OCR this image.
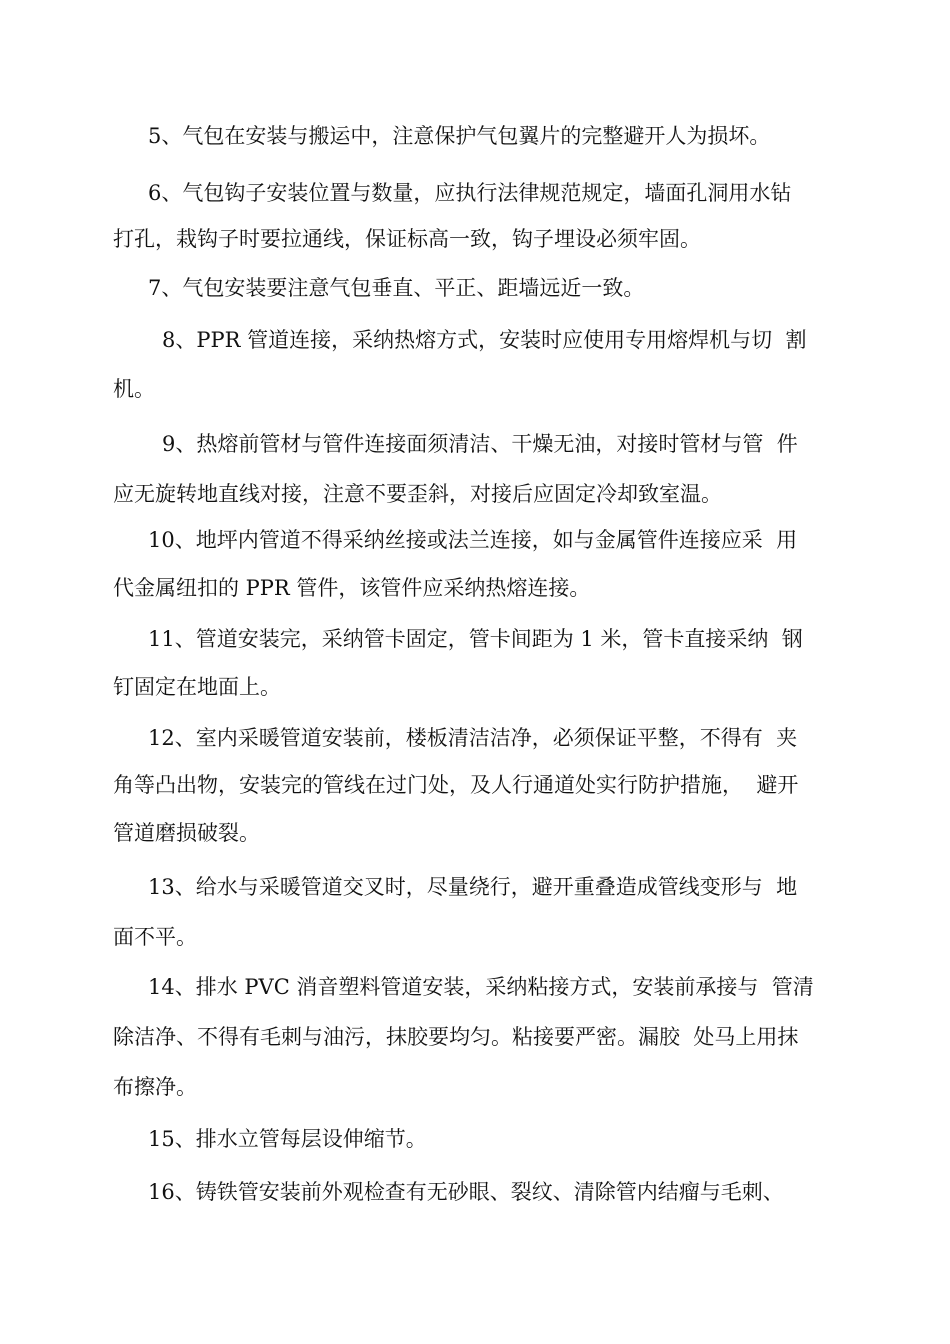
5、气包在安装与搬运中，注意保护气包翼片的完整避开人为损坏。
6、气包钩子安装位置与数量，应执行法律规范规定，墙面孔洞用水钻
打孔，栽钩子时要拉通线，保证标高一致，钩子埋设必须牢固。
7、气包安装要注意气包垂直、平正、距墙远近一致。
8、PPR 管道连接，采纳热熔方式，安装时应使用专用熔焊机与切  割
机。
9、热熔前管材与管件连接面须清洁、干燥无油，对接时管材与管  件
应无旋转地直线对接，注意不要歪斜，对接后应固定冷却致室温。
10、地坪内管道不得采纳丝接或法兰连接，如与金属管件连接应采  用
代金属纽扣的 PPR 管件，该管件应采纳热熔连接。
11、管道安装完，采纳管卡固定，管卡间距为 1 米，管卡直接采纳  钢
钉固定在地面上。
12、室内采暖管道安装前，楼板清洁洁净，必须保证平整，不得有  夹
角等凸出物，安装完的管线在过门处，及人行通道处实行防护措施，  避开
管道磨损破裂。
13、给水与采暖管道交叉时，尽量绕行，避开重叠造成管线变形与  地
面不平。
14、排水 PVC 消音塑料管道安装，采纳粘接方式，安装前承接与  管清
除洁净、不得有毛刺与油污，抹胶要均匀。粘接要严密。漏胶  处马上用抹
布擦净。
15、排水立管每层设伸缩节。
16、铸铁管安装前外观检查有无砂眼、裂纹、清除管内结瘤与毛刺、
